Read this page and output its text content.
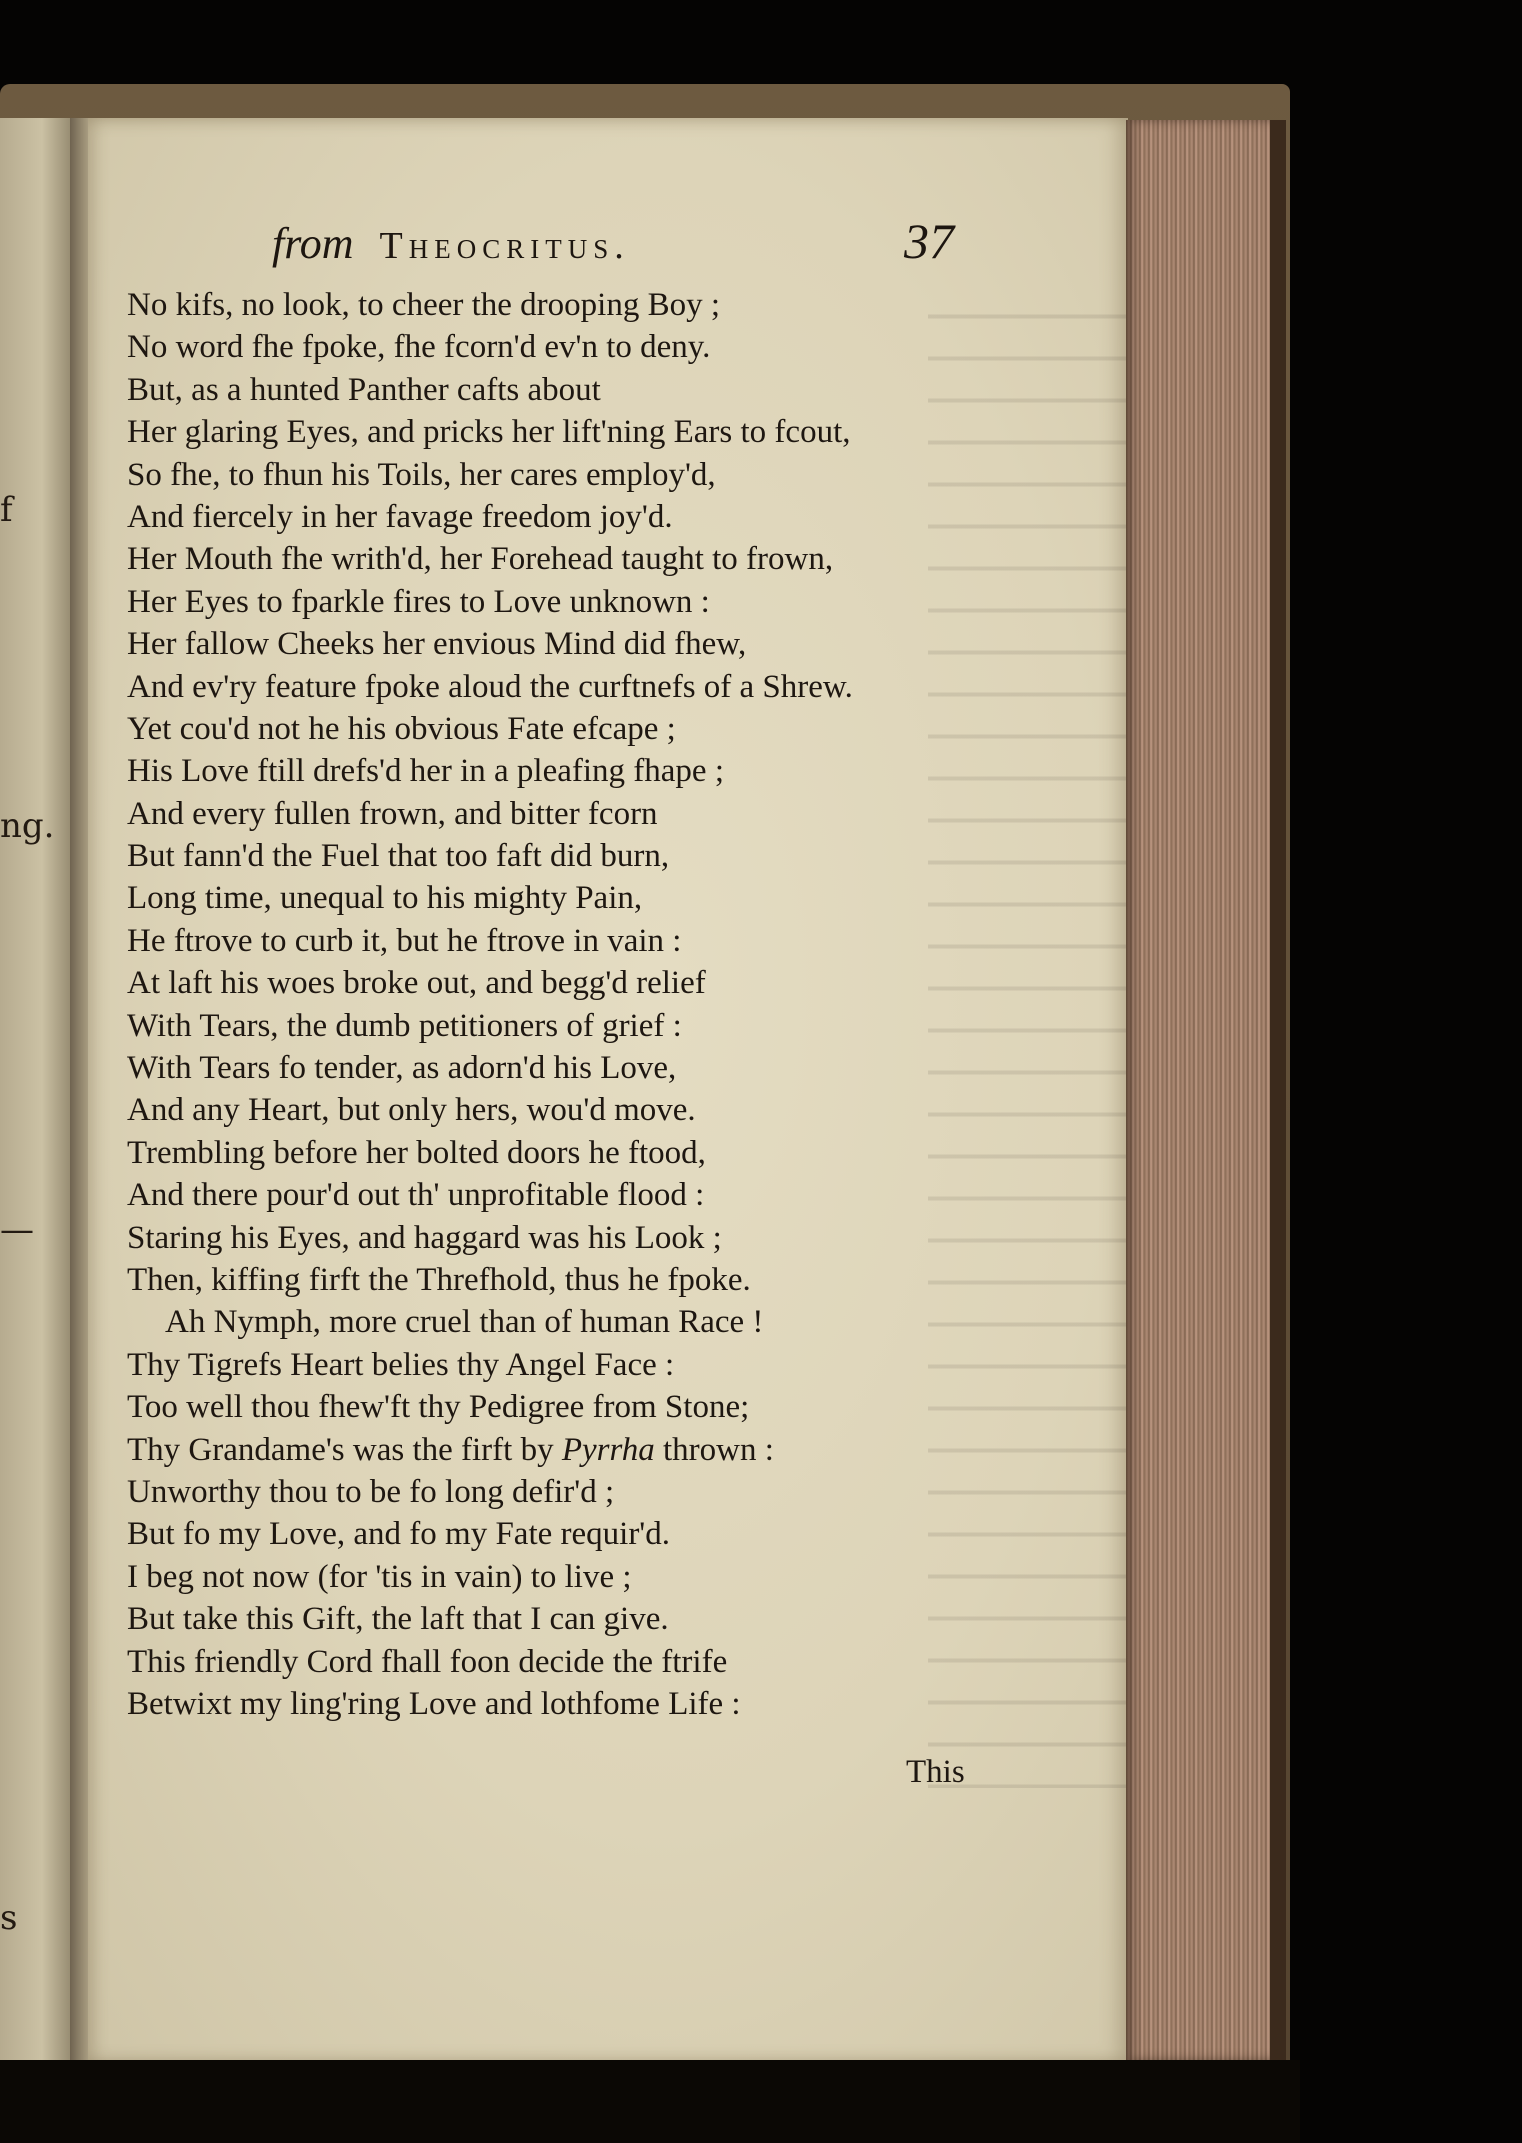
f
ng.
—
s
from Theocritus.	37
No kifs, no look, to cheer the drooping Boy ;
No word fhe fpoke, fhe fcorn'd ev'n to deny.
But, as a hunted Panther cafts about
Her glaring Eyes, and pricks her lift'ning Ears to fcout,
So fhe, to fhun his Toils, her cares employ'd,
And fiercely in her favage freedom joy'd.
Her Mouth fhe writh'd, her Forehead taught to frown,
Her Eyes to fparkle fires to Love unknown :
Her fallow Cheeks her envious Mind did fhew,
And ev'ry feature fpoke aloud the curftnefs of a Shrew.
Yet cou'd not he his obvious Fate efcape ;
His Love ftill drefs'd her in a pleafing fhape ;
And every fullen frown, and bitter fcorn
But fann'd the Fuel that too faft did burn,
Long time, unequal to his mighty Pain,
He ftrove to curb it, but he ftrove in vain :
At laft his woes broke out, and begg'd relief
With Tears, the dumb petitioners of grief :
With Tears fo tender, as adorn'd his Love,
And any Heart, but only hers, wou'd move.
Trembling before her bolted doors he ftood,
And there pour'd out th' unprofitable flood :
Staring his Eyes, and haggard was his Look ;
Then, kiffing firft the Threfhold, thus he fpoke.
Ah Nymph, more cruel than of human Race !
Thy Tigrefs Heart belies thy Angel Face :
Too well thou fhew'ft thy Pedigree from Stone;
Thy Grandame's was the firft by Pyrrha thrown :
Unworthy thou to be fo long defir'd ;
But fo my Love, and fo my Fate requir'd.
I beg not now (for 'tis in vain) to live ;
But take this Gift, the laft that I can give.
This friendly Cord fhall foon decide the ftrife
Betwixt my ling'ring Love and lothfome Life :
This
